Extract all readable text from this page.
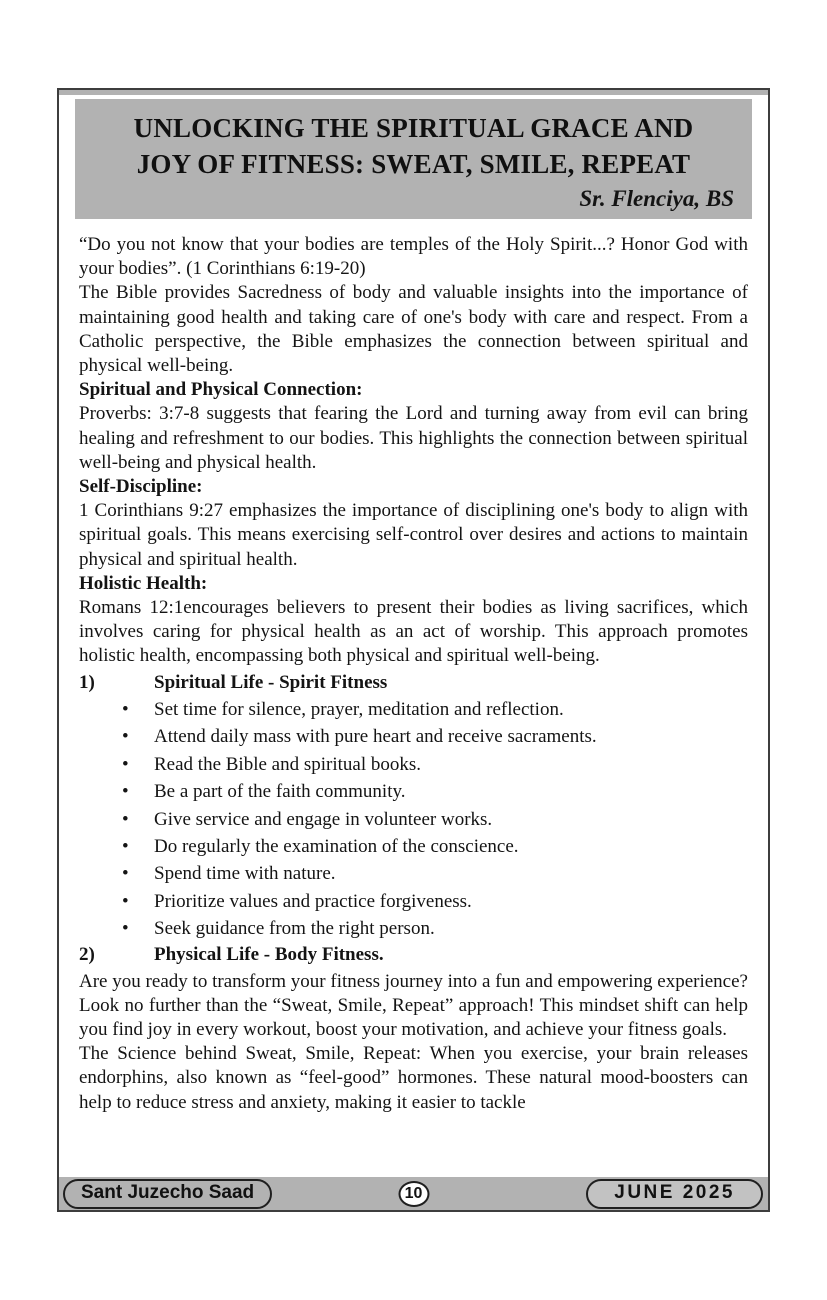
UNLOCKING THE SPIRITUAL GRACE AND
JOY OF FITNESS: SWEAT, SMILE, REPEAT
Sr. Flenciya, BS

“Do you not know that your bodies are temples of the Holy Spirit...? Honor God with your bodies”. (1 Corinthians 6:19-20)

The Bible provides Sacredness of body and valuable insights into the importance of maintaining good health and taking care of one's body with care and respect. From a Catholic perspective, the Bible emphasizes the connection between spiritual and physical well-being.

Spiritual and Physical Connection:

Proverbs: 3:7-8 suggests that fearing the Lord and turning away from evil can bring healing and refreshment to our bodies. This highlights the connection between spiritual well-being and physical health.

Self-Discipline:

1 Corinthians 9:27 emphasizes the importance of disciplining one's body to align with spiritual goals. This means exercising self-control over desires and actions to maintain physical and spiritual health.

Holistic Health:

Romans 12:1encourages believers to present their bodies as living sacrifices, which involves caring for physical health as an act of worship. This approach promotes holistic health, encompassing both physical and spiritual well-being.

1)	Spiritual Life - Spirit Fitness
•	Set time for silence, prayer, meditation and reflection.
•	Attend daily mass with pure heart and receive sacraments.
•	Read the Bible and spiritual books.
•	Be a part of the faith community.
•	Give service and engage in volunteer works.
•	Do regularly the examination of the conscience.
•	Spend time with nature.
•	Prioritize values and practice forgiveness.
•	Seek guidance from the right person.
2)	Physical Life - Body Fitness.

Are you ready to transform your fitness journey into a fun and empowering experience? Look no further than the “Sweat, Smile, Repeat” approach! This mindset shift can help you find joy in every workout, boost your motivation, and achieve your fitness goals.

The Science behind Sweat, Smile, Repeat: When you exercise, your brain releases endorphins, also known as “feel-good” hormones. These natural mood-boosters can help to reduce stress and anxiety, making it easier to tackle

Sant Juzecho Saad	10	JUNE 2025
